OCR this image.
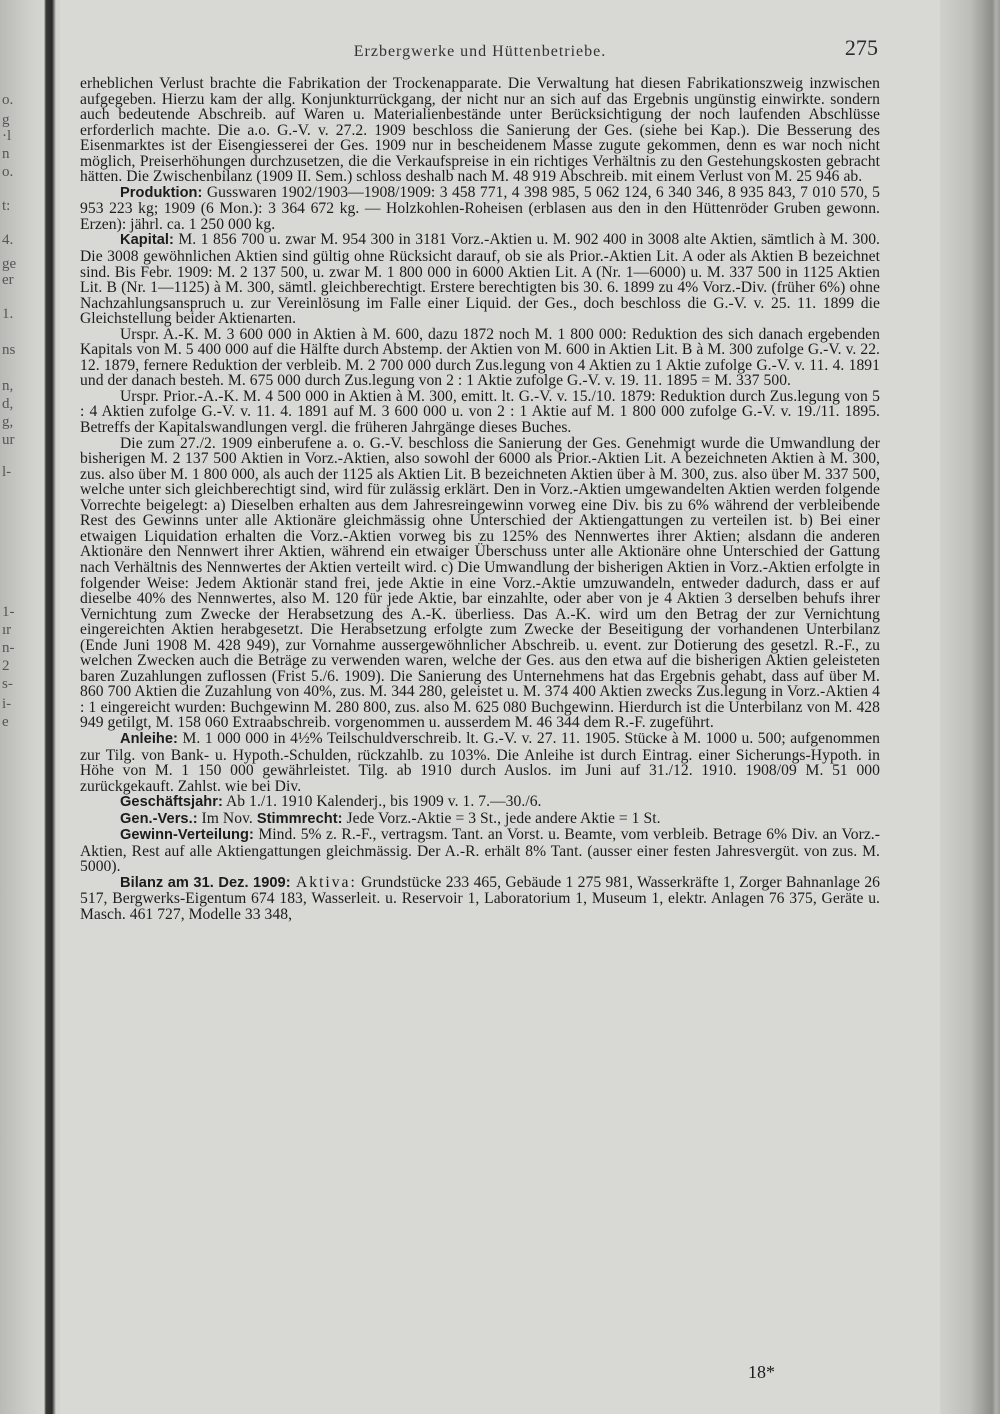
o.
g
·l
n
o.
t:
4.
ge
er
1.
ns
n,
d,
g,
ur
l-
1-
ır
n-
2
s-
i-
e
Erzbergwerke und Hüttenbetriebe.	275

erheblichen Verlust brachte die Fabrikation der Trockenapparate. Die Verwaltung hat diesen Fabrikationszweig inzwischen aufgegeben. Hierzu kam der allg. Konjunkturrückgang, der nicht nur an sich auf das Ergebnis ungünstig einwirkte. sondern auch bedeutende Abschreib. auf Waren u. Materialienbestände unter Berücksichtigung der noch laufenden Abschlüsse erforderlich machte. Die a.o. G.-V. v. 27.2. 1909 beschloss die Sanierung der Ges. (siehe bei Kap.). Die Besserung des Eisenmarktes ist der Eisengiesserei der Ges. 1909 nur in bescheidenem Masse zugute gekommen, denn es war noch nicht möglich, Preiserhöhungen durchzusetzen, die die Verkaufspreise in ein richtiges Verhältnis zu den Gestehungskosten gebracht hätten. Die Zwischenbilanz (1909 II. Sem.) schloss deshalb nach M. 48 919 Abschreib. mit einem Verlust von M. 25 946 ab.

Produktion: Gusswaren 1902/1903—1908/1909: 3 458 771, 4 398 985, 5 062 124, 6 340 346, 8 935 843, 7 010 570, 5 953 223 kg; 1909 (6 Mon.): 3 364 672 kg. — Holzkohlen-Roheisen (erblasen aus den in den Hüttenröder Gruben gewonn. Erzen): jährl. ca. 1 250 000 kg.

Kapital: M. 1 856 700 u. zwar M. 954 300 in 3181 Vorz.-Aktien u. M. 902 400 in 3008 alte Aktien, sämtlich à M. 300. Die 3008 gewöhnlichen Aktien sind gültig ohne Rücksicht darauf, ob sie als Prior.-Aktien Lit. A oder als Aktien B bezeichnet sind. Bis Febr. 1909: M. 2 137 500, u. zwar M. 1 800 000 in 6000 Aktien Lit. A (Nr. 1—6000) u. M. 337 500 in 1125 Aktien Lit. B (Nr. 1—1125) à M. 300, sämtl. gleichberechtigt. Erstere berechtigten bis 30. 6. 1899 zu 4% Vorz.-Div. (früher 6%) ohne Nachzahlungsanspruch u. zur Vereinlösung im Falle einer Liquid. der Ges., doch beschloss die G.-V. v. 25. 11. 1899 die Gleichstellung beider Aktienarten.

Urspr. A.-K. M. 3 600 000 in Aktien à M. 600, dazu 1872 noch M. 1 800 000: Reduktion des sich danach ergebenden Kapitals von M. 5 400 000 auf die Hälfte durch Abstemp. der Aktien von M. 600 in Aktien Lit. B à M. 300 zufolge G.-V. v. 22. 12. 1879, fernere Reduktion der verbleib. M. 2 700 000 durch Zus.legung von 4 Aktien zu 1 Aktie zufolge G.-V. v. 11. 4. 1891 und der danach besteh. M. 675 000 durch Zus.legung von 2 : 1 Aktie zufolge G.-V. v. 19. 11. 1895 = M. 337 500.

Urspr. Prior.-A.-K. M. 4 500 000 in Aktien à M. 300, emitt. lt. G.-V. v. 15./10. 1879: Reduktion durch Zus.legung von 5 : 4 Aktien zufolge G.-V. v. 11. 4. 1891 auf M. 3 600 000 u. von 2 : 1 Aktie auf M. 1 800 000 zufolge G.-V. v. 19./11. 1895. Betreffs der Kapitalswandlungen vergl. die früheren Jahrgänge dieses Buches.

Die zum 27./2. 1909 einberufene a. o. G.-V. beschloss die Sanierung der Ges. Genehmigt wurde die Umwandlung der bisherigen M. 2 137 500 Aktien in Vorz.-Aktien, also sowohl der 6000 als Prior.-Aktien Lit. A bezeichneten Aktien à M. 300, zus. also über M. 1 800 000, als auch der 1125 als Aktien Lit. B bezeichneten Aktien über à M. 300, zus. also über M. 337 500, welche unter sich gleichberechtigt sind, wird für zulässig erklärt. Den in Vorz.-Aktien umgewandelten Aktien werden folgende Vorrechte beigelegt: a) Dieselben erhalten aus dem Jahresreingewinn vorweg eine Div. bis zu 6% während der verbleibende Rest des Gewinns unter alle Aktionäre gleichmässig ohne Unterschied der Aktiengattungen zu verteilen ist. b) Bei einer etwaigen Liquidation erhalten die Vorz.-Aktien vorweg bis zu 125% des Nennwertes ihrer Aktien; alsdann die anderen Aktionäre den Nennwert ihrer Aktien, während ein etwaiger Überschuss unter alle Aktionäre ohne Unterschied der Gattung nach Verhältnis des Nennwertes der Aktien verteilt wird. c) Die Umwandlung der bisherigen Aktien in Vorz.-Aktien erfolgte in folgender Weise: Jedem Aktionär stand frei, jede Aktie in eine Vorz.-Aktie umzuwandeln, entweder dadurch, dass er auf dieselbe 40% des Nennwertes, also M. 120 für jede Aktie, bar einzahlte, oder aber von je 4 Aktien 3 derselben behufs ihrer Vernichtung zum Zwecke der Herabsetzung des A.-K. überliess. Das A.-K. wird um den Betrag der zur Vernichtung eingereichten Aktien herabgesetzt. Die Herabsetzung erfolgte zum Zwecke der Beseitigung der vorhandenen Unterbilanz (Ende Juni 1908 M. 428 949), zur Vornahme aussergewöhnlicher Abschreib. u. event. zur Dotierung des gesetzl. R.-F., zu welchen Zwecken auch die Beträge zu verwenden waren, welche der Ges. aus den etwa auf die bisherigen Aktien geleisteten baren Zuzahlungen zuflossen (Frist 5./6. 1909). Die Sanierung des Unternehmens hat das Ergebnis gehabt, dass auf über M. 860 700 Aktien die Zuzahlung von 40%, zus. M. 344 280, geleistet u. M. 374 400 Aktien zwecks Zus.legung in Vorz.-Aktien 4 : 1 eingereicht wurden: Buchgewinn M. 280 800, zus. also M. 625 080 Buchgewinn. Hierdurch ist die Unterbilanz von M. 428 949 getilgt, M. 158 060 Extraabschreib. vorgenommen u. ausserdem M. 46 344 dem R.-F. zugeführt.

Anleihe: M. 1 000 000 in 4½% Teilschuldverschreib. lt. G.-V. v. 27. 11. 1905. Stücke à M. 1000 u. 500; aufgenommen zur Tilg. von Bank- u. Hypoth.-Schulden, rückzahlb. zu 103%. Die Anleihe ist durch Eintrag. einer Sicherungs-Hypoth. in Höhe von M. 1 150 000 gewährleistet. Tilg. ab 1910 durch Auslos. im Juni auf 31./12. 1910. 1908/09 M. 51 000 zurückgekauft. Zahlst. wie bei Div.

Geschäftsjahr: Ab 1./1. 1910 Kalenderj., bis 1909 v. 1. 7.—30./6.

Gen.-Vers.: Im Nov. Stimmrecht: Jede Vorz.-Aktie = 3 St., jede andere Aktie = 1 St.

Gewinn-Verteilung: Mind. 5% z. R.-F., vertragsm. Tant. an Vorst. u. Beamte, vom verbleib. Betrage 6% Div. an Vorz.-Aktien, Rest auf alle Aktiengattungen gleichmässig. Der A.-R. erhält 8% Tant. (ausser einer festen Jahresvergüt. von zus. M. 5000).

Bilanz am 31. Dez. 1909: Aktiva: Grundstücke 233 465, Gebäude 1 275 981, Wasserkräfte 1, Zorger Bahnanlage 26 517, Bergwerks-Eigentum 674 183, Wasserleit. u. Reservoir 1, Laboratorium 1, Museum 1, elektr. Anlagen 76 375, Geräte u. Masch. 461 727, Modelle 33 348,

18*
